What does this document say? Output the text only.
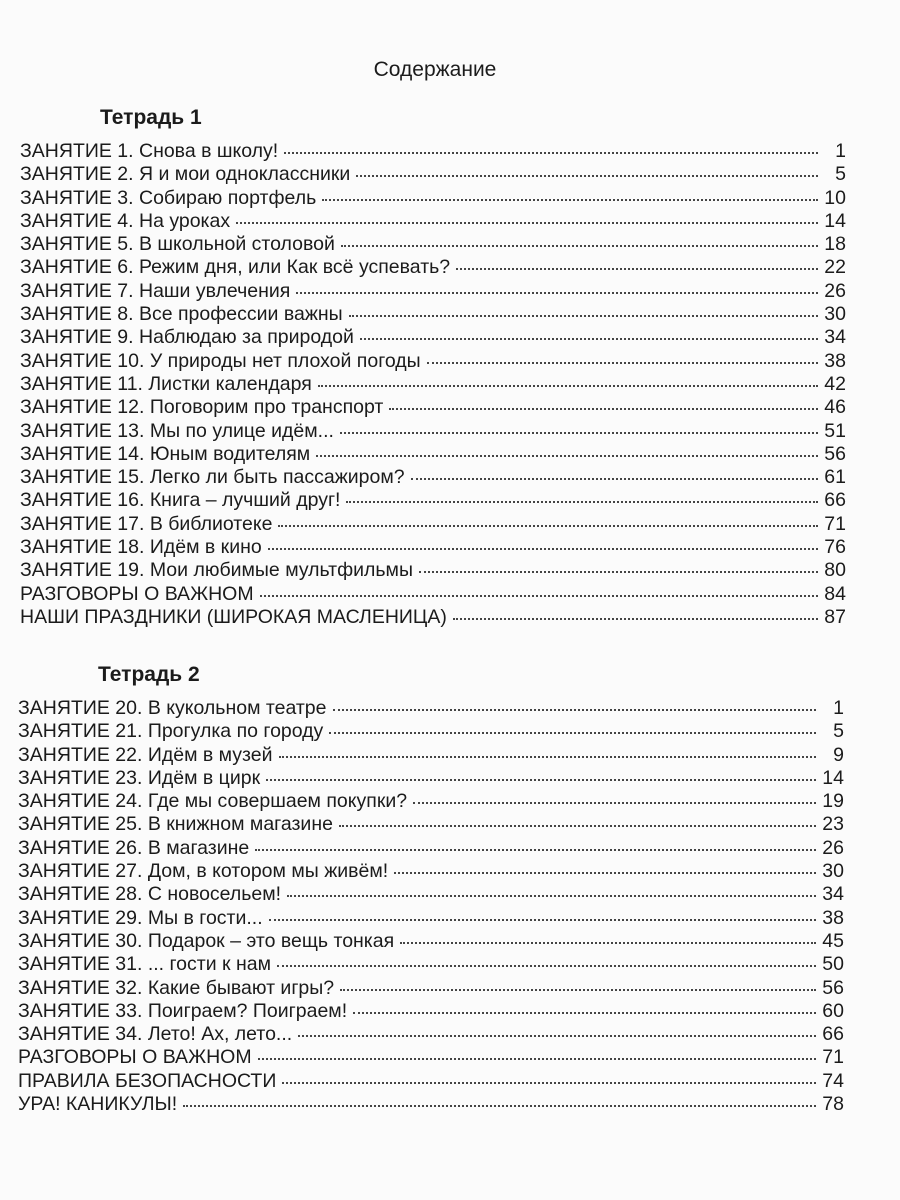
Содержание
Тетрадь 1
ЗАНЯТИЕ 1. Снова в школу!	1
ЗАНЯТИЕ 2. Я и мои одноклассники	5
ЗАНЯТИЕ 3. Собираю портфель	10
ЗАНЯТИЕ 4. На уроках	14
ЗАНЯТИЕ 5. В школьной столовой	18
ЗАНЯТИЕ 6. Режим дня, или Как всё успевать?	22
ЗАНЯТИЕ 7. Наши увлечения	26
ЗАНЯТИЕ 8. Все профессии важны	30
ЗАНЯТИЕ 9. Наблюдаю за природой	34
ЗАНЯТИЕ 10. У природы нет плохой погоды	38
ЗАНЯТИЕ 11. Листки календаря	42
ЗАНЯТИЕ 12. Поговорим про транспорт	46
ЗАНЯТИЕ 13. Мы по улице идём...	51
ЗАНЯТИЕ 14. Юным водителям	56
ЗАНЯТИЕ 15. Легко ли быть пассажиром?	61
ЗАНЯТИЕ 16. Книга – лучший друг!	66
ЗАНЯТИЕ 17. В библиотеке	71
ЗАНЯТИЕ 18. Идём в кино	76
ЗАНЯТИЕ 19. Мои любимые мультфильмы	80
РАЗГОВОРЫ О ВАЖНОМ	84
НАШИ ПРАЗДНИКИ (ШИРОКАЯ МАСЛЕНИЦА)	87
Тетрадь 2
ЗАНЯТИЕ 20. В кукольном театре	1
ЗАНЯТИЕ 21. Прогулка по городу	5
ЗАНЯТИЕ 22. Идём в музей	9
ЗАНЯТИЕ 23. Идём в цирк	14
ЗАНЯТИЕ 24. Где мы совершаем покупки?	19
ЗАНЯТИЕ 25. В книжном магазине	23
ЗАНЯТИЕ 26. В магазине	26
ЗАНЯТИЕ 27. Дом, в котором мы живём!	30
ЗАНЯТИЕ 28. С новосельем!	34
ЗАНЯТИЕ 29. Мы в гости...	38
ЗАНЯТИЕ 30. Подарок – это вещь тонкая	45
ЗАНЯТИЕ 31. ... гости к нам	50
ЗАНЯТИЕ 32. Какие бывают игры?	56
ЗАНЯТИЕ 33. Поиграем? Поиграем!	60
ЗАНЯТИЕ 34. Лето! Ах, лето...	66
РАЗГОВОРЫ О ВАЖНОМ	71
ПРАВИЛА БЕЗОПАСНОСТИ	74
УРА! КАНИКУЛЫ!	78
